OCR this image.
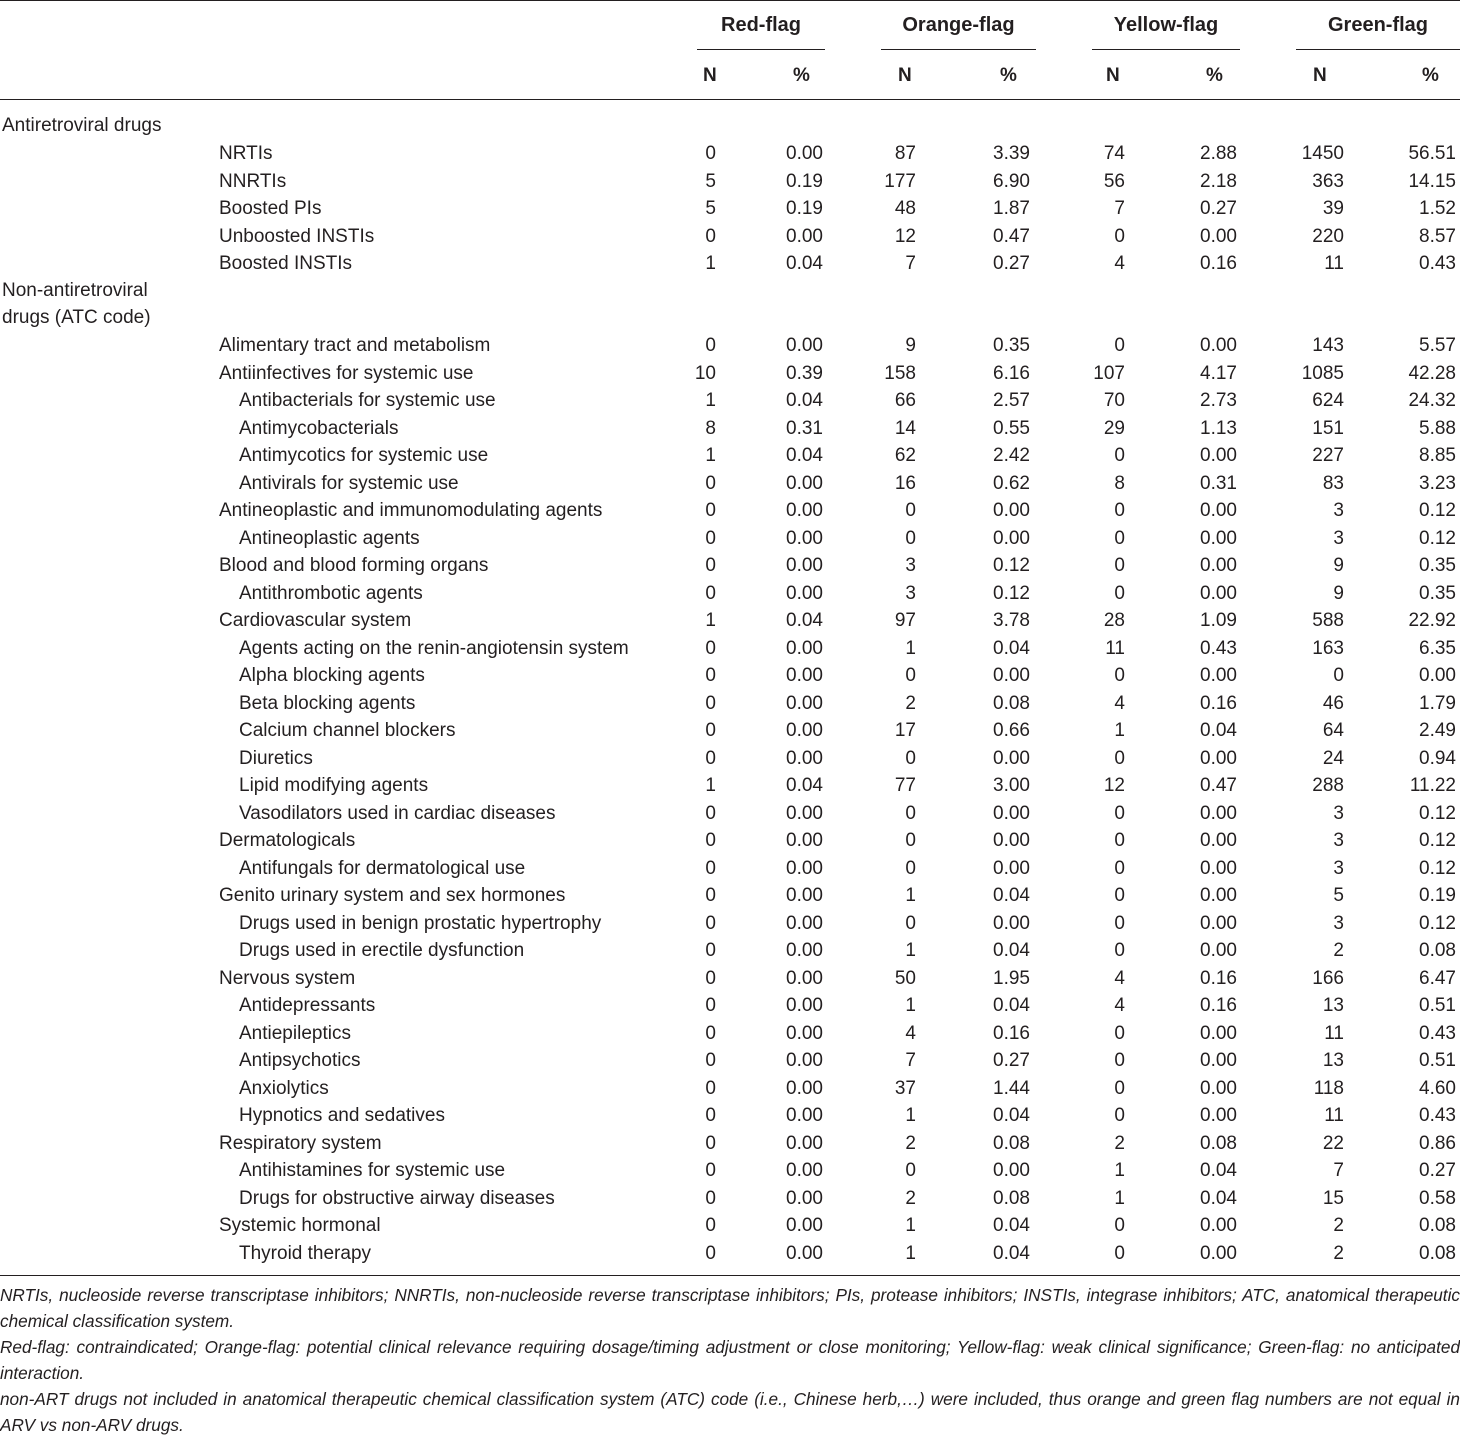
Red-flag	Orange-flag	Yellow-flag	Green-flag
N	%	N	%	N	%	N	%
Antiretroviral drugs
Non-antiretroviral
drugs (ATC code)
NRTIs	0	0.00	87	3.39	74	2.88	1450	56.51
NNRTIs	5	0.19	177	6.90	56	2.18	363	14.15
Boosted PIs	5	0.19	48	1.87	7	0.27	39	1.52
Unboosted INSTIs	0	0.00	12	0.47	0	0.00	220	8.57
Boosted INSTIs	1	0.04	7	0.27	4	0.16	11	0.43
Alimentary tract and metabolism	0	0.00	9	0.35	0	0.00	143	5.57
Antiinfectives for systemic use	10	0.39	158	6.16	107	4.17	1085	42.28
Antibacterials for systemic use	1	0.04	66	2.57	70	2.73	624	24.32
Antimycobacterials	8	0.31	14	0.55	29	1.13	151	5.88
Antimycotics for systemic use	1	0.04	62	2.42	0	0.00	227	8.85
Antivirals for systemic use	0	0.00	16	0.62	8	0.31	83	3.23
Antineoplastic and immunomodulating agents	0	0.00	0	0.00	0	0.00	3	0.12
Antineoplastic agents	0	0.00	0	0.00	0	0.00	3	0.12
Blood and blood forming organs	0	0.00	3	0.12	0	0.00	9	0.35
Antithrombotic agents	0	0.00	3	0.12	0	0.00	9	0.35
Cardiovascular system	1	0.04	97	3.78	28	1.09	588	22.92
Agents acting on the renin-angiotensin system	0	0.00	1	0.04	11	0.43	163	6.35
Alpha blocking agents	0	0.00	0	0.00	0	0.00	0	0.00
Beta blocking agents	0	0.00	2	0.08	4	0.16	46	1.79
Calcium channel blockers	0	0.00	17	0.66	1	0.04	64	2.49
Diuretics	0	0.00	0	0.00	0	0.00	24	0.94
Lipid modifying agents	1	0.04	77	3.00	12	0.47	288	11.22
Vasodilators used in cardiac diseases	0	0.00	0	0.00	0	0.00	3	0.12
Dermatologicals	0	0.00	0	0.00	0	0.00	3	0.12
Antifungals for dermatological use	0	0.00	0	0.00	0	0.00	3	0.12
Genito urinary system and sex hormones	0	0.00	1	0.04	0	0.00	5	0.19
Drugs used in benign prostatic hypertrophy	0	0.00	0	0.00	0	0.00	3	0.12
Drugs used in erectile dysfunction	0	0.00	1	0.04	0	0.00	2	0.08
Nervous system	0	0.00	50	1.95	4	0.16	166	6.47
Antidepressants	0	0.00	1	0.04	4	0.16	13	0.51
Antiepileptics	0	0.00	4	0.16	0	0.00	11	0.43
Antipsychotics	0	0.00	7	0.27	0	0.00	13	0.51
Anxiolytics	0	0.00	37	1.44	0	0.00	118	4.60
Hypnotics and sedatives	0	0.00	1	0.04	0	0.00	11	0.43
Respiratory system	0	0.00	2	0.08	2	0.08	22	0.86
Antihistamines for systemic use	0	0.00	0	0.00	1	0.04	7	0.27
Drugs for obstructive airway diseases	0	0.00	2	0.08	1	0.04	15	0.58
Systemic hormonal	0	0.00	1	0.04	0	0.00	2	0.08
Thyroid therapy	0	0.00	1	0.04	0	0.00	2	0.08
NRTIs, nucleoside reverse transcriptase inhibitors; NNRTIs, non-nucleoside reverse transcriptase inhibitors; PIs, protease inhibitors; INSTIs, integrase inhibitors; ATC, anatomical therapeutic chemical classification system.
Red-flag: contraindicated; Orange-flag: potential clinical relevance requiring dosage/timing adjustment or close monitoring; Yellow-flag: weak clinical significance; Green-flag: no anticipated interaction.
non-ART drugs not included in anatomical therapeutic chemical classification system (ATC) code (i.e., Chinese herb,…) were included, thus orange and green flag numbers are not equal in ARV vs non-ARV drugs.
